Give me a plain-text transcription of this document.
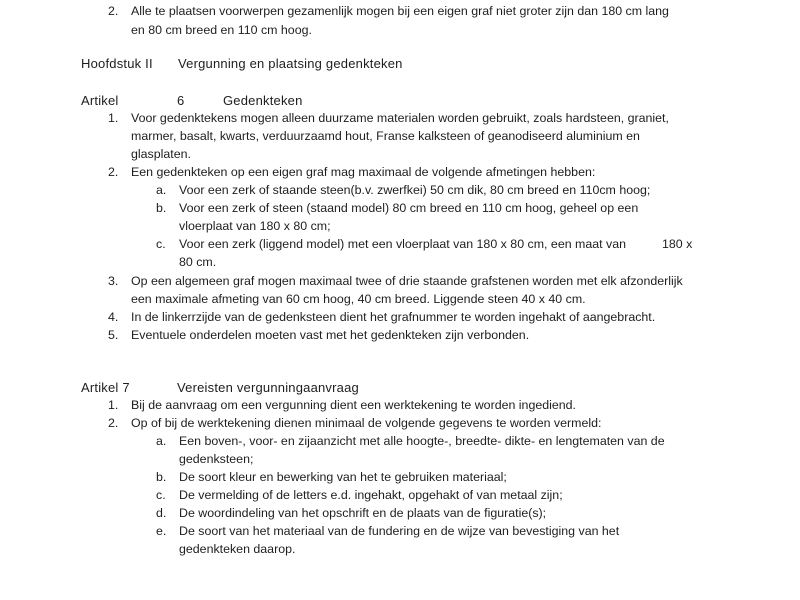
2. Alle te plaatsen voorwerpen gezamenlijk mogen bij een eigen graf niet groter zijn dan 180 cm lang
en 80 cm breed en 110 cm hoog.
Hoofdstuk II Vergunning en plaatsing gedenkteken
Artikel	6	Gedenkteken
1. Voor gedenktekens mogen alleen duurzame materialen worden gebruikt, zoals hardsteen, graniet,
marmer, basalt, kwarts, verduurzaamd hout, Franse kalksteen of geanodiseerd aluminium en
glasplaten.
2. Een gedenkteken op een eigen graf mag maximaal de volgende afmetingen hebben:
a. Voor een zerk of staande steen(b.v. zwerfkei) 50 cm dik, 80 cm breed en 110cm hoog;
b. Voor een zerk of steen (staand model) 80 cm breed en 110 cm hoog, geheel op een
vloerplaat van 180 x 80 cm;
c. Voor een zerk (liggend model) met een vloerplaat van 180 x 80 cm, een maat van	180 x
80 cm.
3. Op een algemeen graf mogen maximaal twee of drie staande grafstenen worden met elk afzonderlijk
een maximale afmeting van 60 cm hoog, 40 cm breed. Liggende steen 40 x 40 cm.
4. In de linkerrzijde van de gedenksteen dient het grafnummer te worden ingehakt of aangebracht.
5. Eventuele onderdelen moeten vast met het gedenkteken zijn verbonden.
Artikel 7	Vereisten vergunningaanvraag
1. Bij de aanvraag om een vergunning dient een werktekening te worden ingediend.
2. Op of bij de werktekening dienen minimaal de volgende gegevens te worden vermeld:
a. Een boven-, voor- en zijaanzicht met alle hoogte-, breedte- dikte- en lengtematen van de
gedenksteen;
b. De soort kleur en bewerking van het te gebruiken materiaal;
c. De vermelding of de letters e.d. ingehakt, opgehakt of van metaal zijn;
d. De woordindeling van het opschrift en de plaats van de figuratie(s);
e. De soort van het materiaal van de fundering en de wijze van bevestiging van het
gedenkteken daarop.
